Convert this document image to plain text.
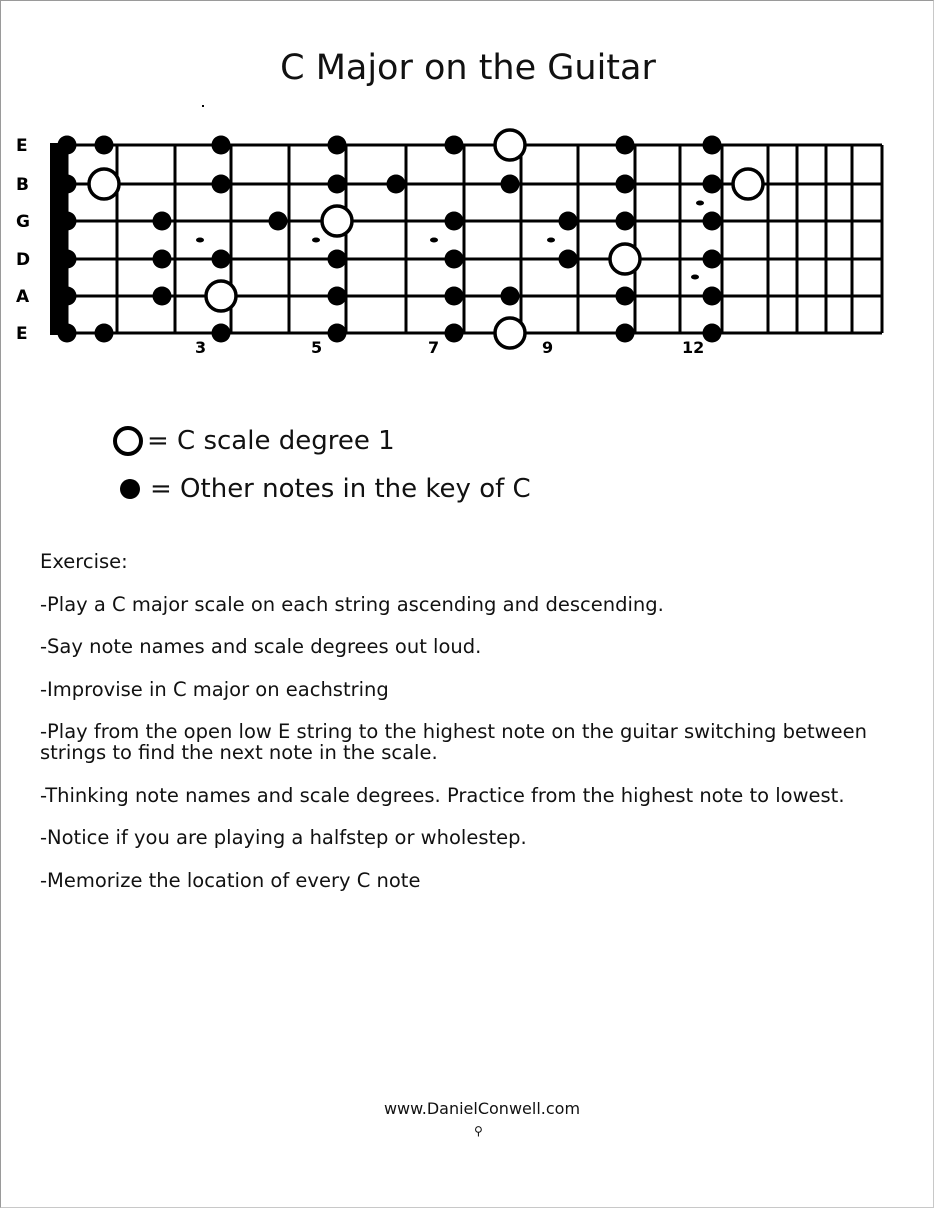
C Major on the Guitar
E
B
G
D
A
E
3	5	7	9	12
= C scale degree 1
= Other notes in the key of C

Exercise:

-Play a C major scale on each string ascending and descending.

-Say note names and scale degrees out loud.

-Improvise in C major on eachstring

-Play from the open low E string to the highest note on the guitar switching between strings to find the next note in the scale.

-Thinking note names and scale degrees. Practice from the highest note to lowest.

-Notice if you are playing a halfstep or wholestep.

-Memorize the location of every C note

www.DanielConwell.com
⚲
